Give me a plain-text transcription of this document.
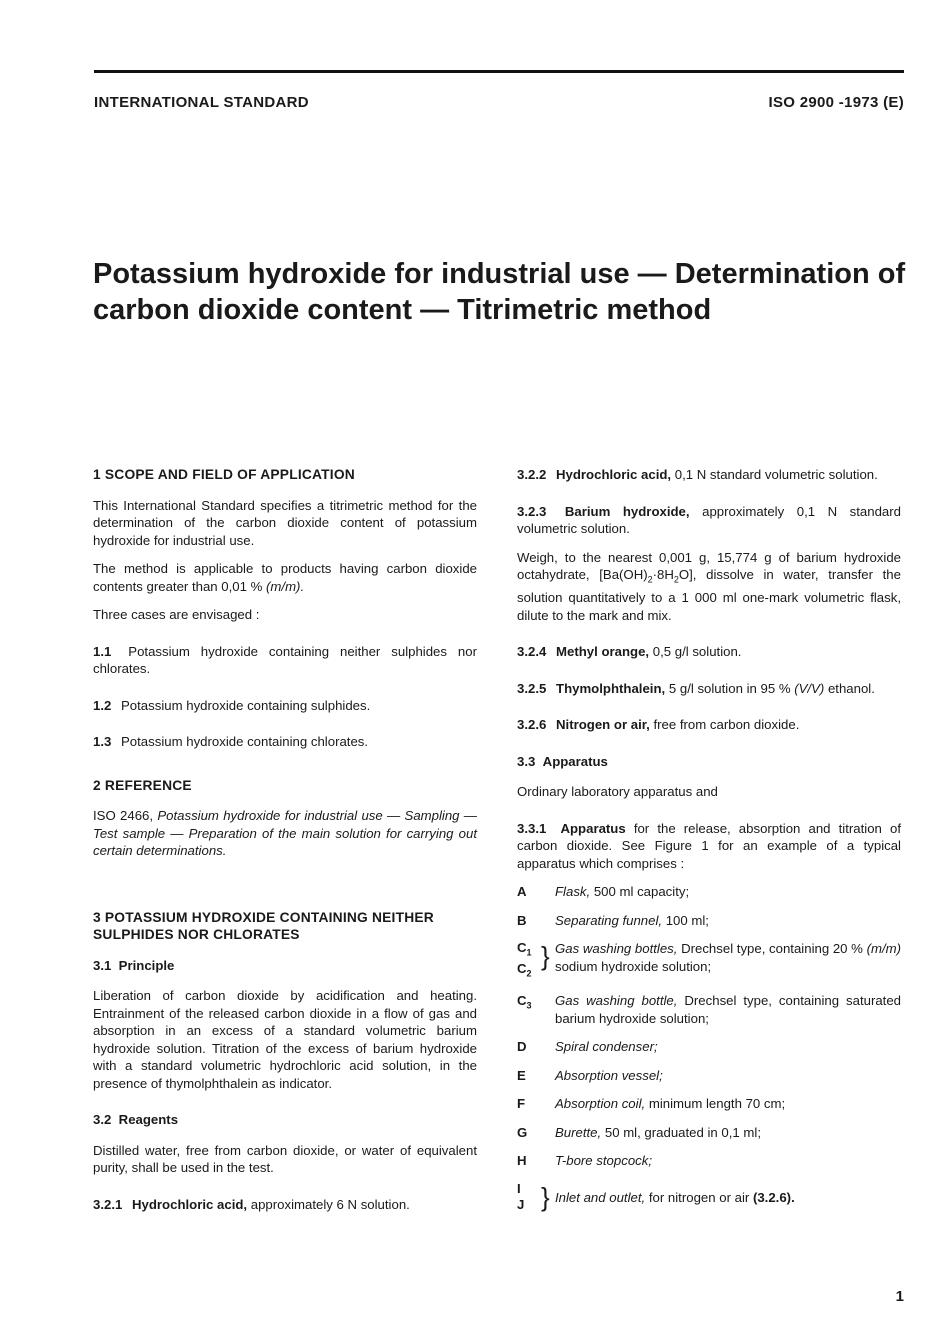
INTERNATIONAL STANDARD	ISO 2900 -1973 (E)
Potassium hydroxide for industrial use — Determination of
carbon dioxide content — Titrimetric method
1 SCOPE AND FIELD OF APPLICATION

This International Standard specifies a titrimetric method for the determination of the carbon dioxide content of potassium hydroxide for industrial use.

The method is applicable to products having carbon dioxide contents greater than 0,01 % (m/m).

Three cases are envisaged :

1.1 Potassium hydroxide containing neither sulphides nor chlorates.

1.2 Potassium hydroxide containing sulphides.

1.3 Potassium hydroxide containing chlorates.

2 REFERENCE

ISO 2466, Potassium hydroxide for industrial use — Sampling — Test sample — Preparation of the main solution for carrying out certain determinations.

3 POTASSIUM HYDROXIDE CONTAINING NEITHER SULPHIDES NOR CHLORATES
3.1 Principle

Liberation of carbon dioxide by acidification and heating. Entrainment of the released carbon dioxide in a flow of gas and absorption in an excess of a standard volumetric barium hydroxide solution. Titration of the excess of barium hydroxide with a standard volumetric hydrochloric acid solution, in the presence of thymolphthalein as indicator.

3.2 Reagents

Distilled water, free from carbon dioxide, or water of equivalent purity, shall be used in the test.

3.2.1 Hydrochloric acid, approximately 6 N solution.

3.2.2 Hydrochloric acid, 0,1 N standard volumetric solution.

3.2.3 Barium hydroxide, approximately 0,1 N standard volumetric solution.

Weigh, to the nearest 0,001 g, 15,774 g of barium hydroxide octahydrate, $[Ba(OH)_2\cdot 8H_2O]$, dissolve in water, transfer the solution quantitatively to a 1 000 ml one-mark volumetric flask, dilute to the mark and mix.

3.2.4 Methyl orange, 0,5 g/l solution.

3.2.5 Thymolphthalein, 5 g/l solution in 95 % (V/V) ethanol.

3.2.6 Nitrogen or air, free from carbon dioxide.

3.3 Apparatus

Ordinary laboratory apparatus and

3.3.1 Apparatus for the release, absorption and titration of carbon dioxide. See Figure 1 for an example of a typical apparatus which comprises :

A	Flask, 500 ml capacity;
B	Separating funnel, 100 ml;
$C_1$
$C_2$
} Gas washing bottles, Drechsel type, containing 20 % (m/m) sodium hydroxide solution;
$C_3$	Gas washing bottle, Drechsel type, containing saturated barium hydroxide solution;
D	Spiral condenser;
E	Absorption vessel;
F	Absorption coil, minimum length 70 cm;
G	Burette, 50 ml, graduated in 0,1 ml;
H	T-bore stopcock;
I
J } Inlet and outlet, for nitrogen or air (3.2.6).
1
